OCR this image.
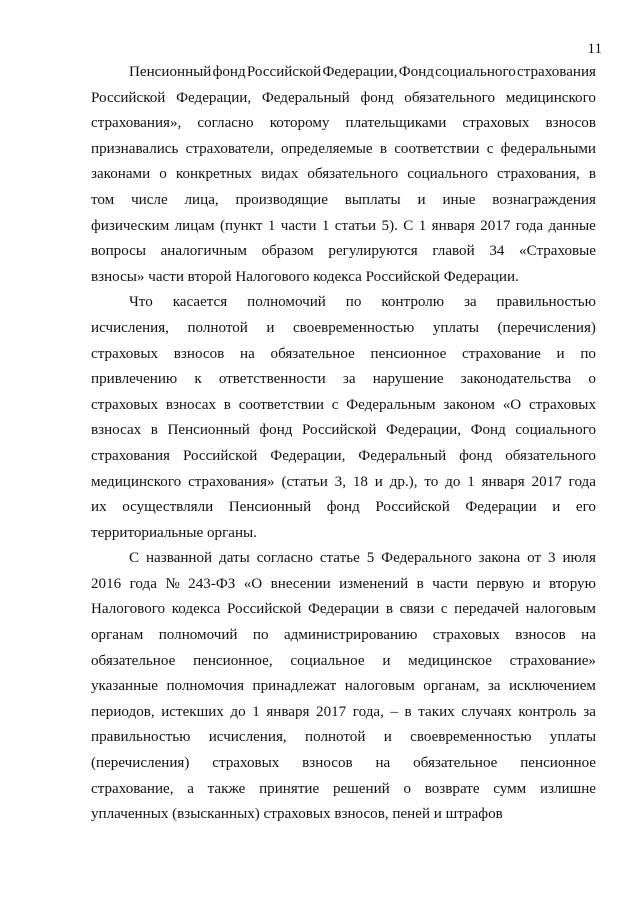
11
Пенсионный фонд Российской Федерации, Фонд социального страхования
Российской Федерации, Федеральный фонд обязательного медицинского
страхования», согласно которому плательщиками страховых взносов
признавались страхователи, определяемые в соответствии с федеральными
законами о конкретных видах обязательного социального страхования, в
том числе лица, производящие выплаты и иные вознаграждения
физическим лицам (пункт 1 части 1 статьи 5). С 1 января 2017 года данные
вопросы аналогичным образом регулируются главой 34 «Страховые
взносы» части второй Налогового кодекса Российской Федерации.
Что касается полномочий по контролю за правильностью
исчисления, полнотой и своевременностью уплаты (перечисления)
страховых взносов на обязательное пенсионное страхование и по
привлечению к ответственности за нарушение законодательства о
страховых взносах в соответствии с Федеральным законом «О страховых
взносах в Пенсионный фонд Российской Федерации, Фонд социального
страхования Российской Федерации, Федеральный фонд обязательного
медицинского страхования» (статьи 3, 18 и др.), то до 1 января 2017 года
их осуществляли Пенсионный фонд Российской Федерации и его
территориальные органы.
С названной даты согласно статье 5 Федерального закона от 3 июля
2016 года № 243-ФЗ «О внесении изменений в части первую и вторую
Налогового кодекса Российской Федерации в связи с передачей налоговым
органам полномочий по администрированию страховых взносов на
обязательное пенсионное, социальное и медицинское страхование»
указанные полномочия принадлежат налоговым органам, за исключением
периодов, истекших до 1 января 2017 года, – в таких случаях контроль за
правильностью исчисления, полнотой и своевременностью уплаты
(перечисления) страховых взносов на обязательное пенсионное
страхование, а также принятие решений о возврате сумм излишне
уплаченных (взысканных) страховых взносов, пеней и штрафов
